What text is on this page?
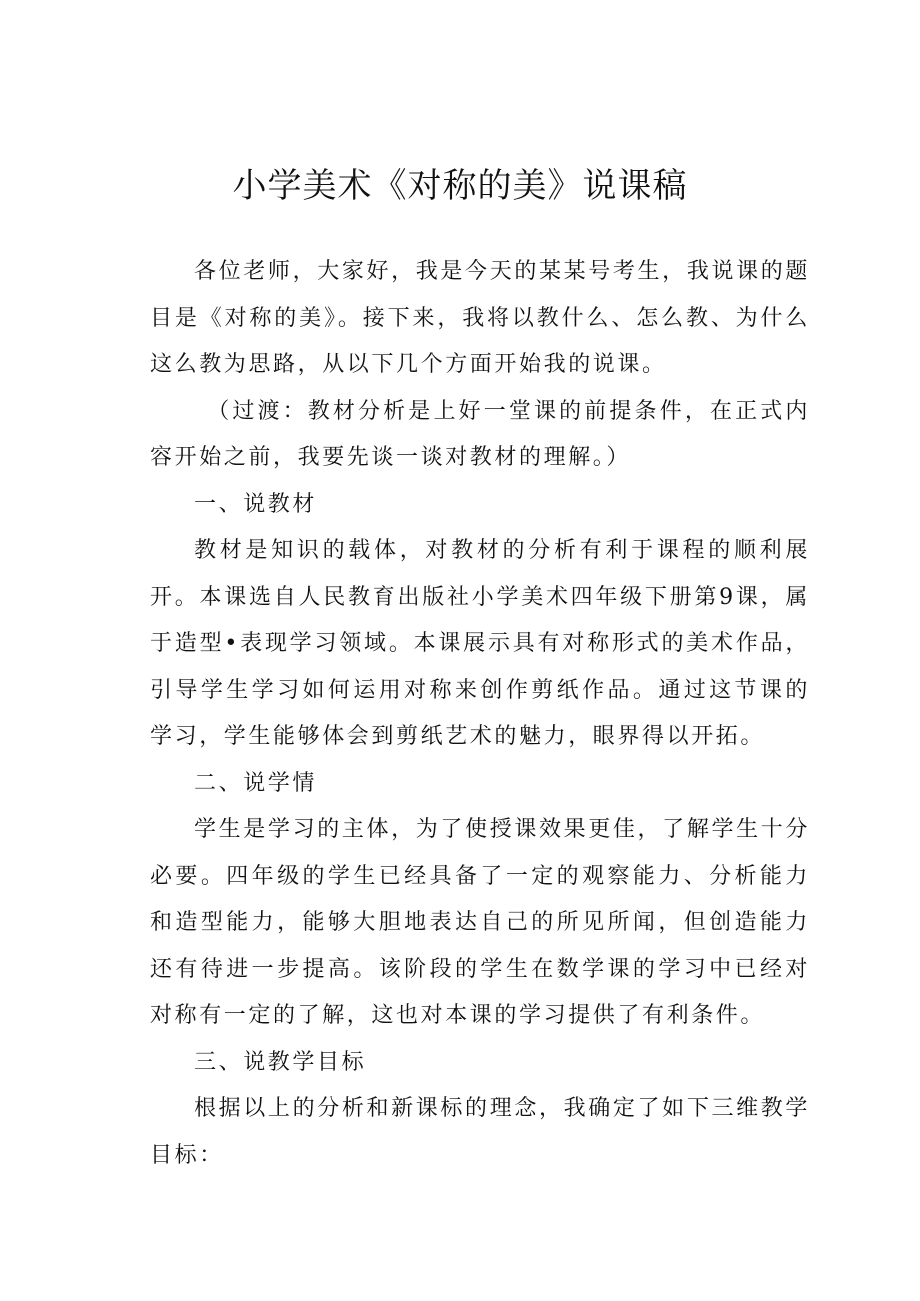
小学美术《对称的美》说课稿

各位老师，大家好，我是今天的某某号考生，我说课的题目是《对称的美》。接下来，我将以教什么、怎么教、为什么这么教为思路，从以下几个方面开始我的说课。

（过渡：教材分析是上好一堂课的前提条件，在正式内容开始之前，我要先谈一谈对教材的理解。）

一、说教材

教材是知识的载体，对教材的分析有利于课程的顺利展开。本课选自人民教育出版社小学美术四年级下册第9课，属于造型•表现学习领域。本课展示具有对称形式的美术作品，引导学生学习如何运用对称来创作剪纸作品。通过这节课的学习，学生能够体会到剪纸艺术的魅力，眼界得以开拓。

二、说学情

学生是学习的主体，为了使授课效果更佳，了解学生十分必要。四年级的学生已经具备了一定的观察能力、分析能力和造型能力，能够大胆地表达自己的所见所闻，但创造能力还有待进一步提高。该阶段的学生在数学课的学习中已经对对称有一定的了解，这也对本课的学习提供了有利条件。

三、说教学目标

根据以上的分析和新课标的理念，我确定了如下三维教学目标：
